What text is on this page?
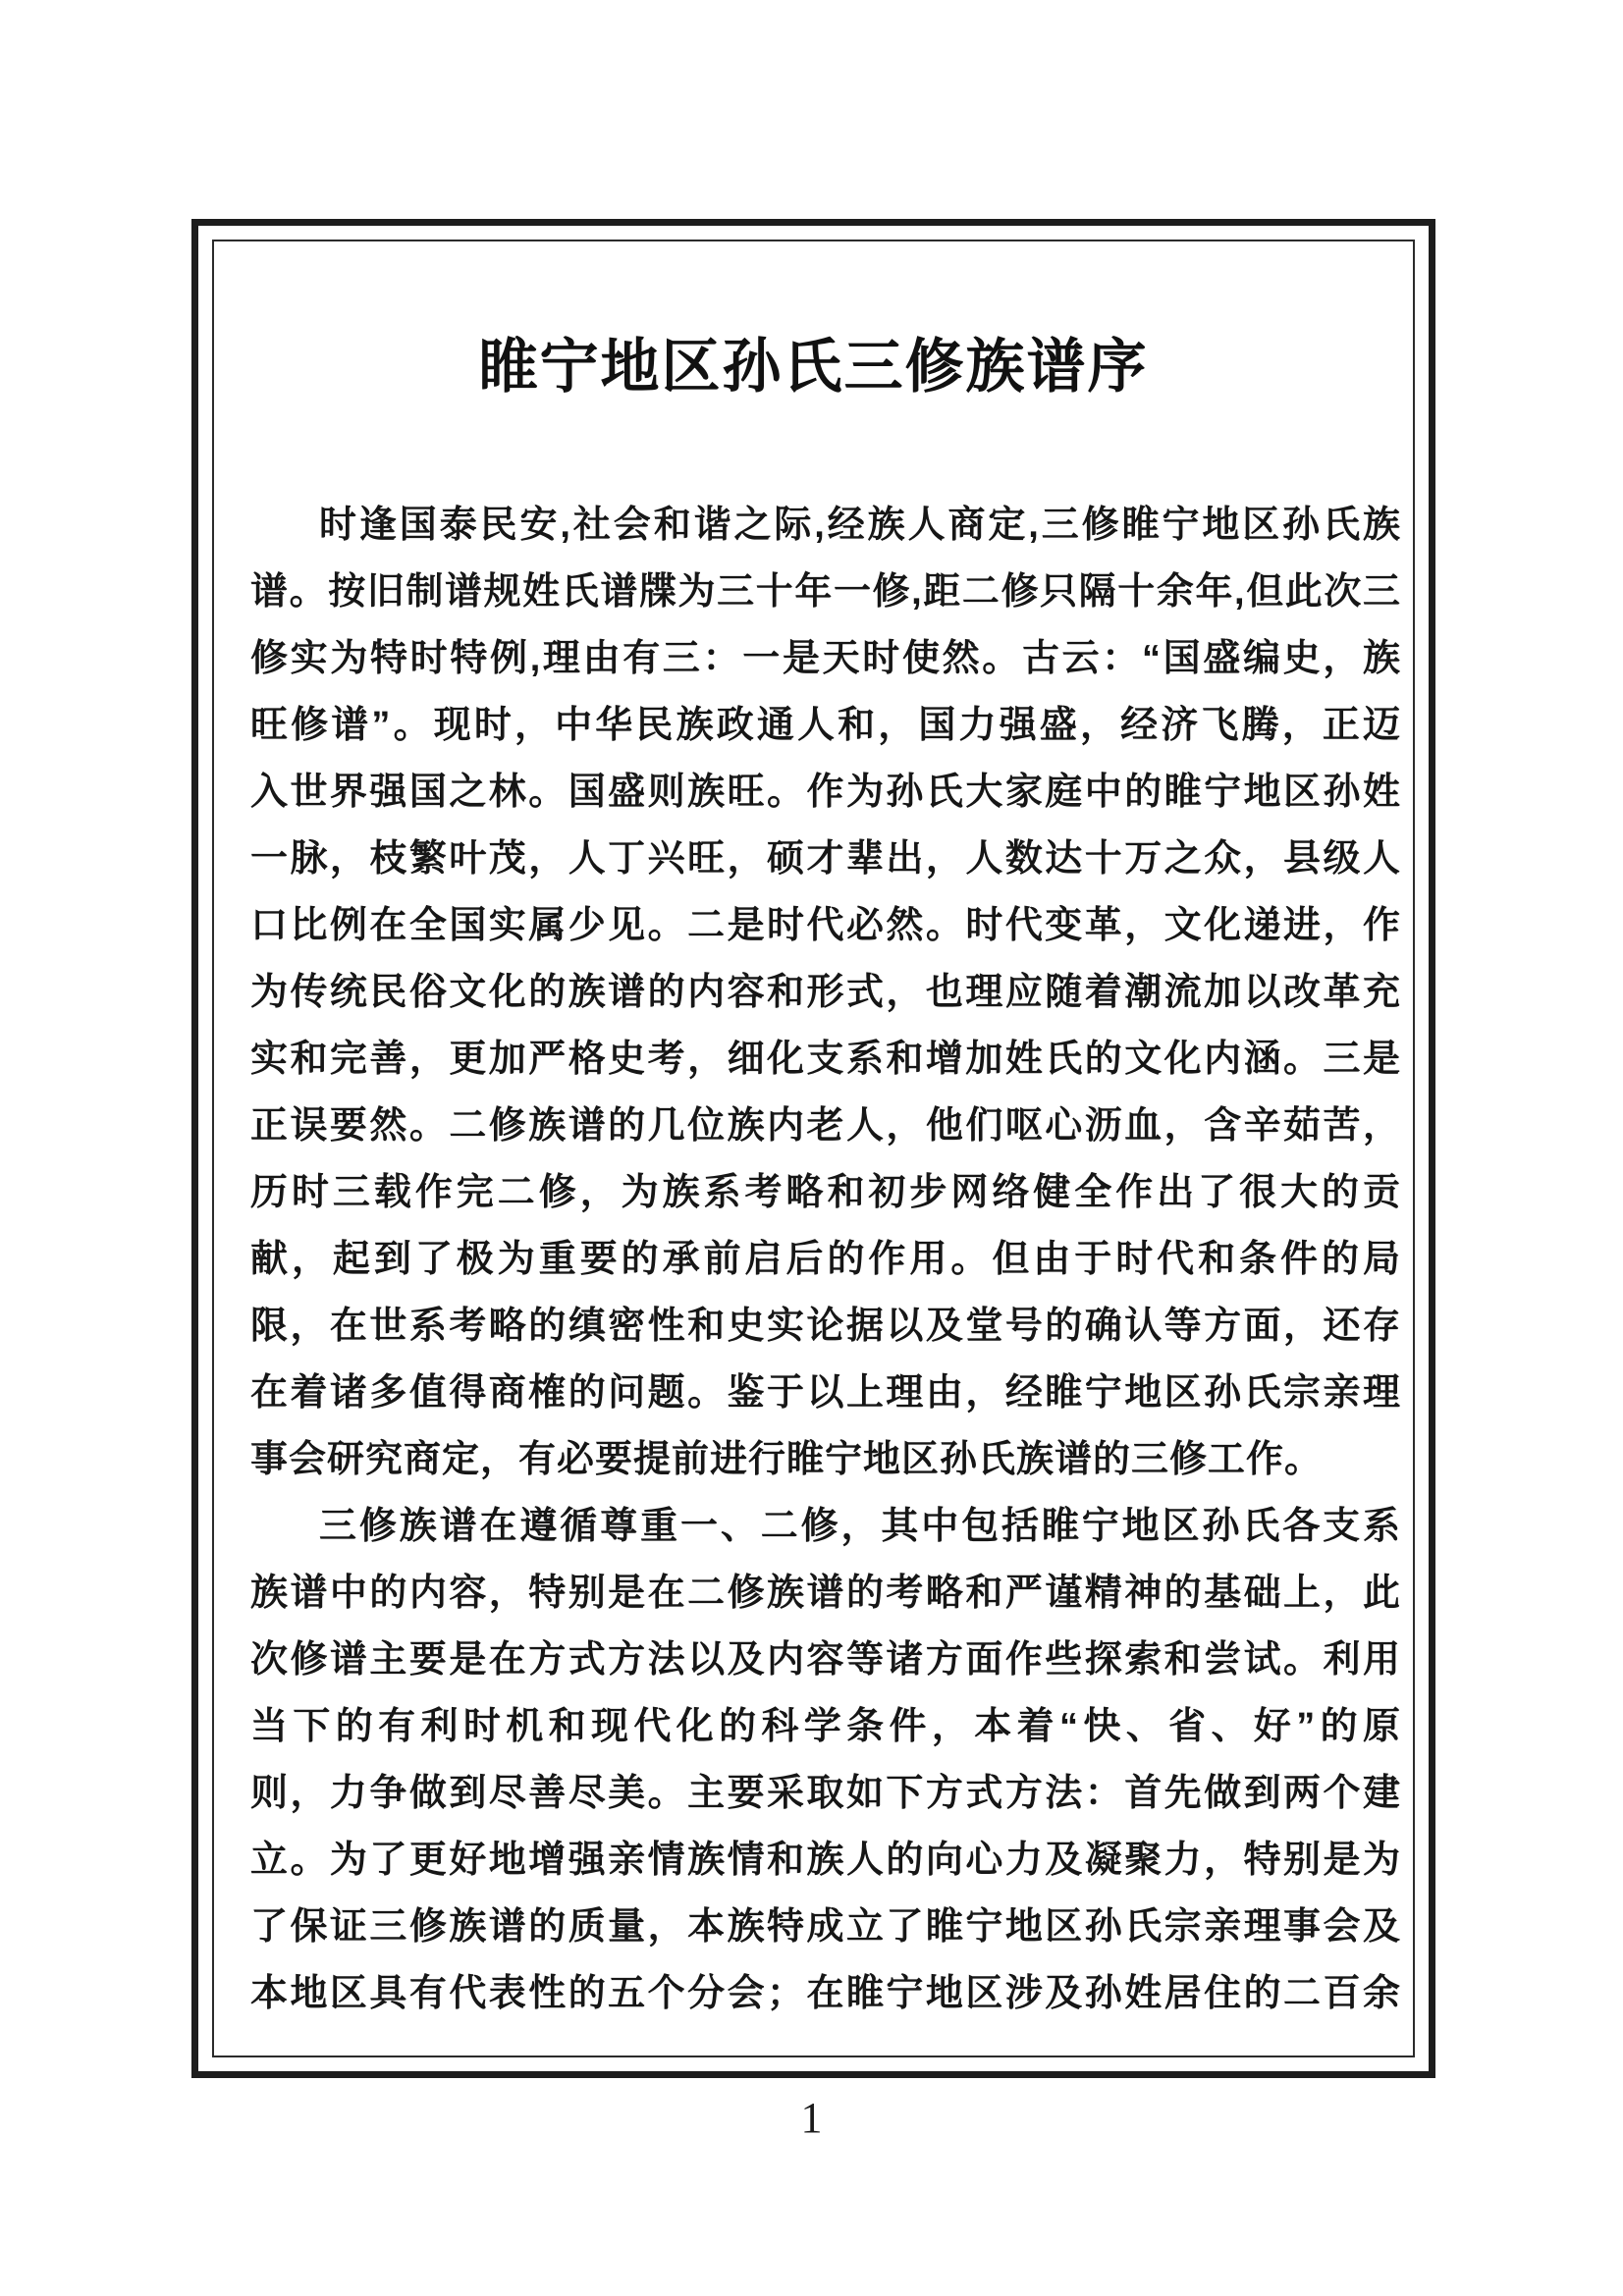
睢宁地区孙氏三修族谱序
时逢国泰民安,社会和谐之际,经族人商定,三修睢宁地区孙氏族
谱。按旧制谱规姓氏谱牒为三十年一修,距二修只隔十余年,但此次三
修实为特时特例,理由有三：一是天时使然。古云：“国盛编史，族
旺修谱”。现时，中华民族政通人和，国力强盛，经济飞腾，正迈
入世界强国之林。国盛则族旺。作为孙氏大家庭中的睢宁地区孙姓
一脉，枝繁叶茂，人丁兴旺，硕才辈出，人数达十万之众，县级人
口比例在全国实属少见。二是时代必然。时代变革，文化递进，作
为传统民俗文化的族谱的内容和形式，也理应随着潮流加以改革充
实和完善，更加严格史考，细化支系和增加姓氏的文化内涵。三是
正误要然。二修族谱的几位族内老人，他们呕心沥血，含辛茹苦，
历时三载作完二修，为族系考略和初步网络健全作出了很大的贡
献，起到了极为重要的承前启后的作用。但由于时代和条件的局
限，在世系考略的缜密性和史实论据以及堂号的确认等方面，还存
在着诸多值得商榷的问题。鉴于以上理由，经睢宁地区孙氏宗亲理
事会研究商定，有必要提前进行睢宁地区孙氏族谱的三修工作。
三修族谱在遵循尊重一、二修，其中包括睢宁地区孙氏各支系
族谱中的内容，特别是在二修族谱的考略和严谨精神的基础上，此
次修谱主要是在方式方法以及内容等诸方面作些探索和尝试。利用
当下的有利时机和现代化的科学条件，本着“快、省、好”的原
则，力争做到尽善尽美。主要采取如下方式方法：首先做到两个建
立。为了更好地增强亲情族情和族人的向心力及凝聚力，特别是为
了保证三修族谱的质量，本族特成立了睢宁地区孙氏宗亲理事会及
本地区具有代表性的五个分会；在睢宁地区涉及孙姓居住的二百余
1
